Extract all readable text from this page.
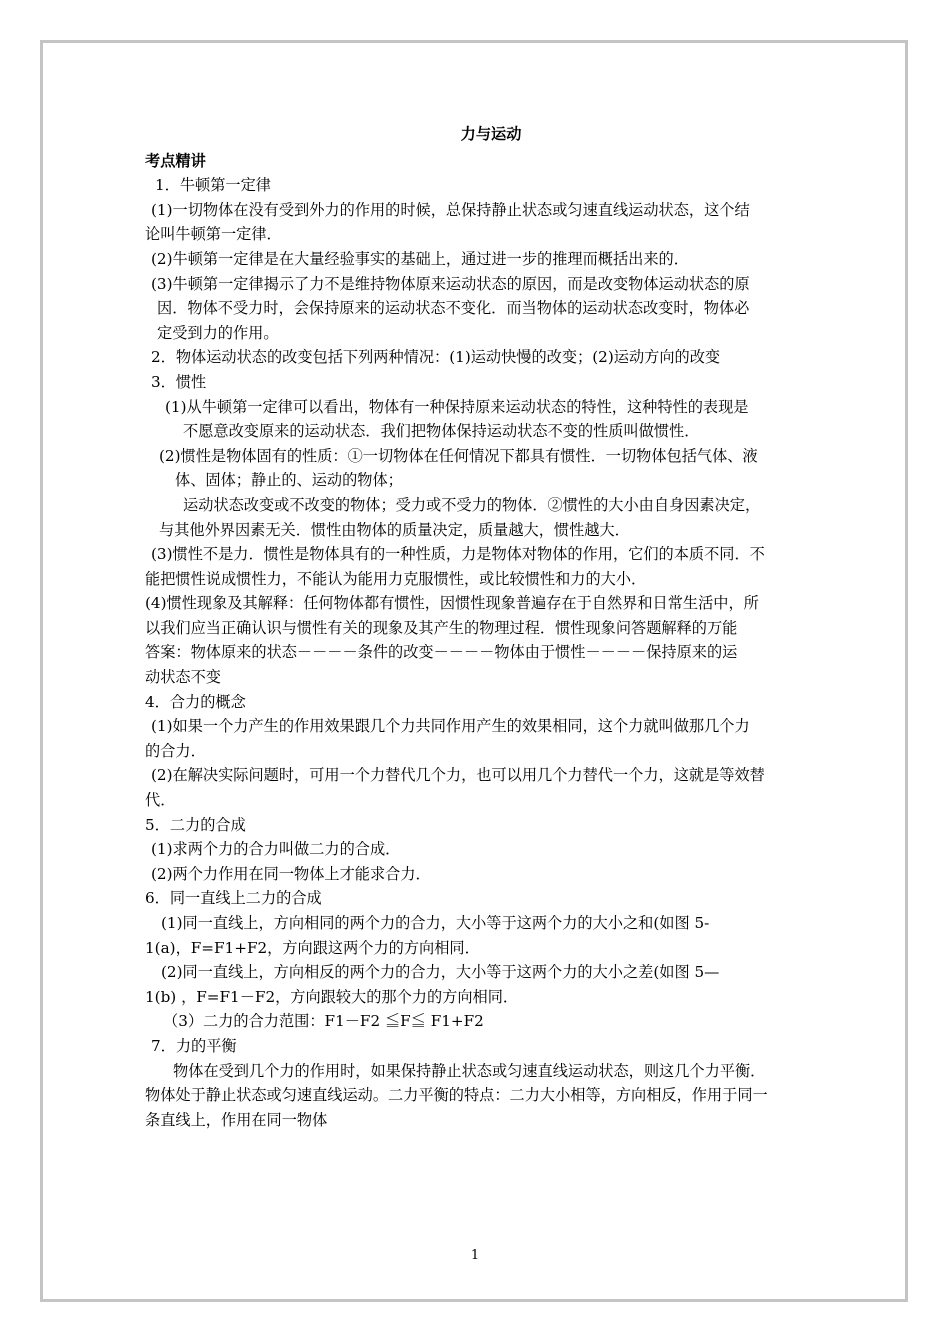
力与运动
考点精讲
1．牛顿第一定律
(1)一切物体在没有受到外力的作用的时候，总保持静止状态或匀速直线运动状态，这个结
论叫牛顿第一定律．
(2)牛顿第一定律是在大量经验事实的基础上，通过进一步的推理而概括出来的．
(3)牛顿第一定律揭示了力不是维持物体原来运动状态的原因，而是改变物体运动状态的原
因．物体不受力时，会保持原来的运动状态不变化．而当物体的运动状态改变时，物体必
定受到力的作用。
2．物体运动状态的改变包括下列两种情况：(1)运动快慢的改变；(2)运动方向的改变
3．惯性
(1)从牛顿第一定律可以看出，物体有一种保持原来运动状态的特性，这种特性的表现是
不愿意改变原来的运动状态．我们把物体保持运动状态不变的性质叫做惯性．
(2)惯性是物体固有的性质：①一切物体在任何情况下都具有惯性．一切物体包括气体、液
体、固体；静止的、运动的物体；
运动状态改变或不改变的物体；受力或不受力的物体．②惯性的大小由自身因素决定，
与其他外界因素无关．惯性由物体的质量决定，质量越大，惯性越大．
(3)惯性不是力．惯性是物体具有的一种性质，力是物体对物体的作用，它们的本质不同．不
能把惯性说成惯性力，不能认为能用力克服惯性，或比较惯性和力的大小．
(4)惯性现象及其解释：任何物体都有惯性，因惯性现象普遍存在于自然界和日常生活中，所
以我们应当正确认识与惯性有关的现象及其产生的物理过程．惯性现象问答题解释的万能
答案：物体原来的状态－－－－条件的改变－－－－物体由于惯性－－－－保持原来的运
动状态不变
4．合力的概念
(1)如果一个力产生的作用效果跟几个力共同作用产生的效果相同，这个力就叫做那几个力
的合力．
(2)在解决实际问题时，可用一个力替代几个力，也可以用几个力替代一个力，这就是等效替
代．
5．二力的合成
(1)求两个力的合力叫做二力的合成．
(2)两个力作用在同一物体上才能求合力．
6．同一直线上二力的合成
(1)同一直线上，方向相同的两个力的合力，大小等于这两个力的大小之和(如图 5-
1(a)，F=F1+F2，方向跟这两个力的方向相同．
(2)同一直线上，方向相反的两个力的合力，大小等于这两个力的大小之差(如图 5—
1(b) ，F=F1－F2，方向跟较大的那个力的方向相同．
（3）二力的合力范围：F1－F2 ≦F≦ F1+F2
7．力的平衡
物体在受到几个力的作用时，如果保持静止状态或匀速直线运动状态，则这几个力平衡．
物体处于静止状态或匀速直线运动。二力平衡的特点：二力大小相等，方向相反，作用于同一
条直线上，作用在同一物体
1
